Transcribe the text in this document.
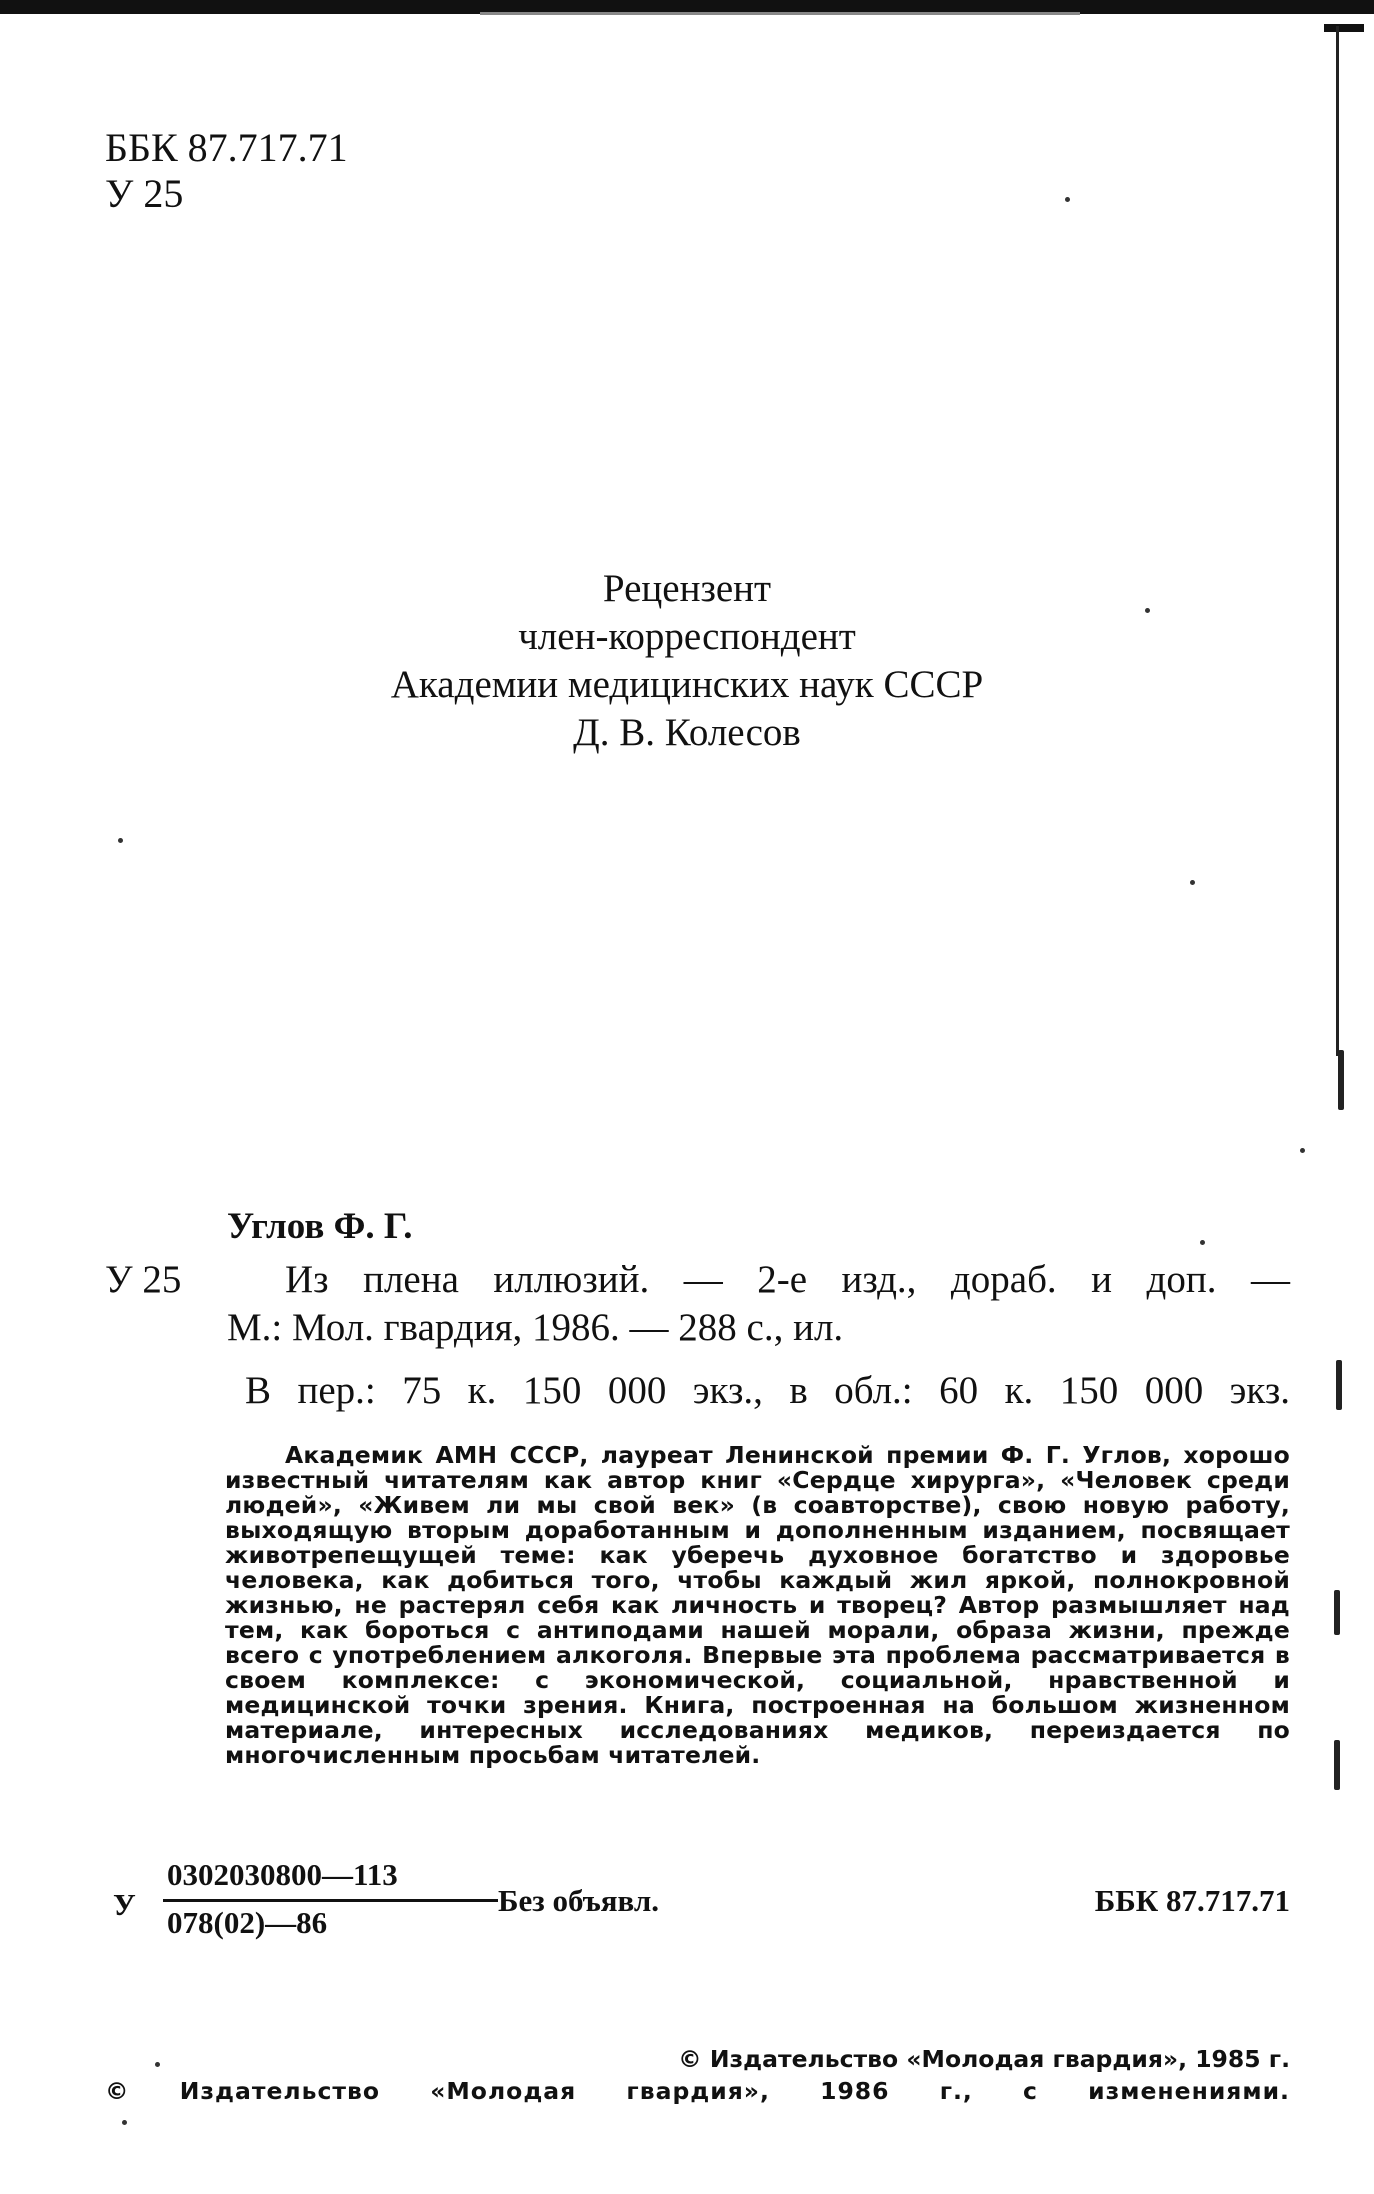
ББК 87.717.71
У 25
Рецензент
член-корреспондент
Академии медицинских наук СССР
Д. В. Колесов
Углов Ф. Г.
У 25	Из плена иллюзий. — 2-е изд., дораб. и доп. —
М.: Мол. гвардия, 1986. — 288 с., ил.
В пер.: 75 к. 150 000 экз., в обл.: 60 к. 150 000 экз.
Академик АМН СССР, лауреат Ленинской премии Ф. Г. Углов, хорошо известный читателям как автор книг «Сердце хирурга», «Человек среди людей», «Живем ли мы свой век» (в соавторстве), свою новую работу, выходящую вторым доработанным и дополненным изданием, посвящает животрепещущей теме: как уберечь духовное богатство и здоровье человека, как добиться того, чтобы каждый жил яркой, полнокровной жизнью, не растерял себя как личность и творец? Автор размышляет над тем, как бороться с антиподами нашей морали, образа жизни, прежде всего с употреблением алкоголя. Впервые эта проблема рассматривается в своем комплексе: с экономической, социальной, нравственной и медицинской точки зрения. Книга, построенная на большом жизненном материале, интересных исследованиях медиков, переиздается по многочисленным просьбам читателей.
У
0302030800—113
078(02)—86
Без объявл.	ББК 87.717.71
© Издательство «Молодая гвардия», 1985 г.
© Издательство «Молодая гвардия», 1986 г., с изменениями.
